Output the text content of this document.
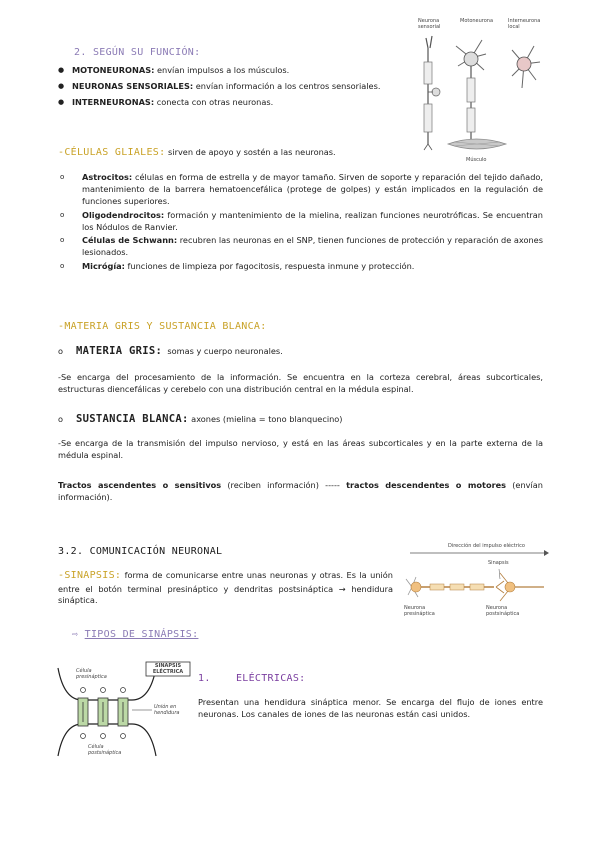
2. SEGÚN SU FUNCIÓN:
● MOTONEURONAS: envían impulsos a los músculos.
● NEURONAS SENSORIALES: envían información a los centros sensoriales.
● INTERNEURONAS: conecta con otras neuronas.
Neurona sensorial
Motoneurona	Interneurona local
Músculo
-CÉLULAS GLIALES: sirven de apoyo y sostén a las neuronas.
o Astrocitos: células en forma de estrella y de mayor tamaño. Sirven de soporte y reparación del tejido dañado, mantenimiento de la barrera hematoencefálica (protege de golpes) y están implicados en la regulación de funciones superiores.
o Oligodendrocitos: formación y mantenimiento de la mielina, realizan funciones neurotróficas. Se encuentran los Nódulos de Ranvier.
o Células de Schwann: recubren las neuronas en el SNP, tienen funciones de protección y reparación de axones lesionados.
o Micrógía: funciones de limpieza por fagocitosis, respuesta inmune y protección.
-MATERIA GRIS Y SUSTANCIA BLANCA:
o MATERIA GRIS: somas y cuerpo neuronales.
-Se encarga del procesamiento de la información. Se encuentra en la corteza cerebral, áreas subcorticales, estructuras diencefálicas y cerebelo con una distribución central en la médula espinal.
o SUSTANCIA BLANCA: axones (mielina = tono blanquecino)
-Se encarga de la transmisión del impulso nervioso, y está en las áreas subcorticales y en la parte externa de la médula espinal.
Tractos ascendentes o sensitivos (reciben información) ----- tractos descendentes o motores (envían información).
3.2. COMUNICACIÓN NEURONAL
-SINAPSIS: forma de comunicarse entre unas neuronas y otras. Es la unión entre el botón terminal presináptico y dendritas postsináptica → hendidura sináptica.
Dirección del impulso eléctrico
Sinapsis
Neurona presináptica
Neurona postsináptica
⇨ TIPOS DE SINÁPSIS:
Célula presináptica
SINAPSIS ELÉCTRICA
Unión en hendidura
Célula postsináptica
1.	ELÉCTRICAS:
Presentan una hendidura sináptica menor. Se encarga del flujo de iones entre neuronas. Los canales de iones de las neuronas están casi unidos.
